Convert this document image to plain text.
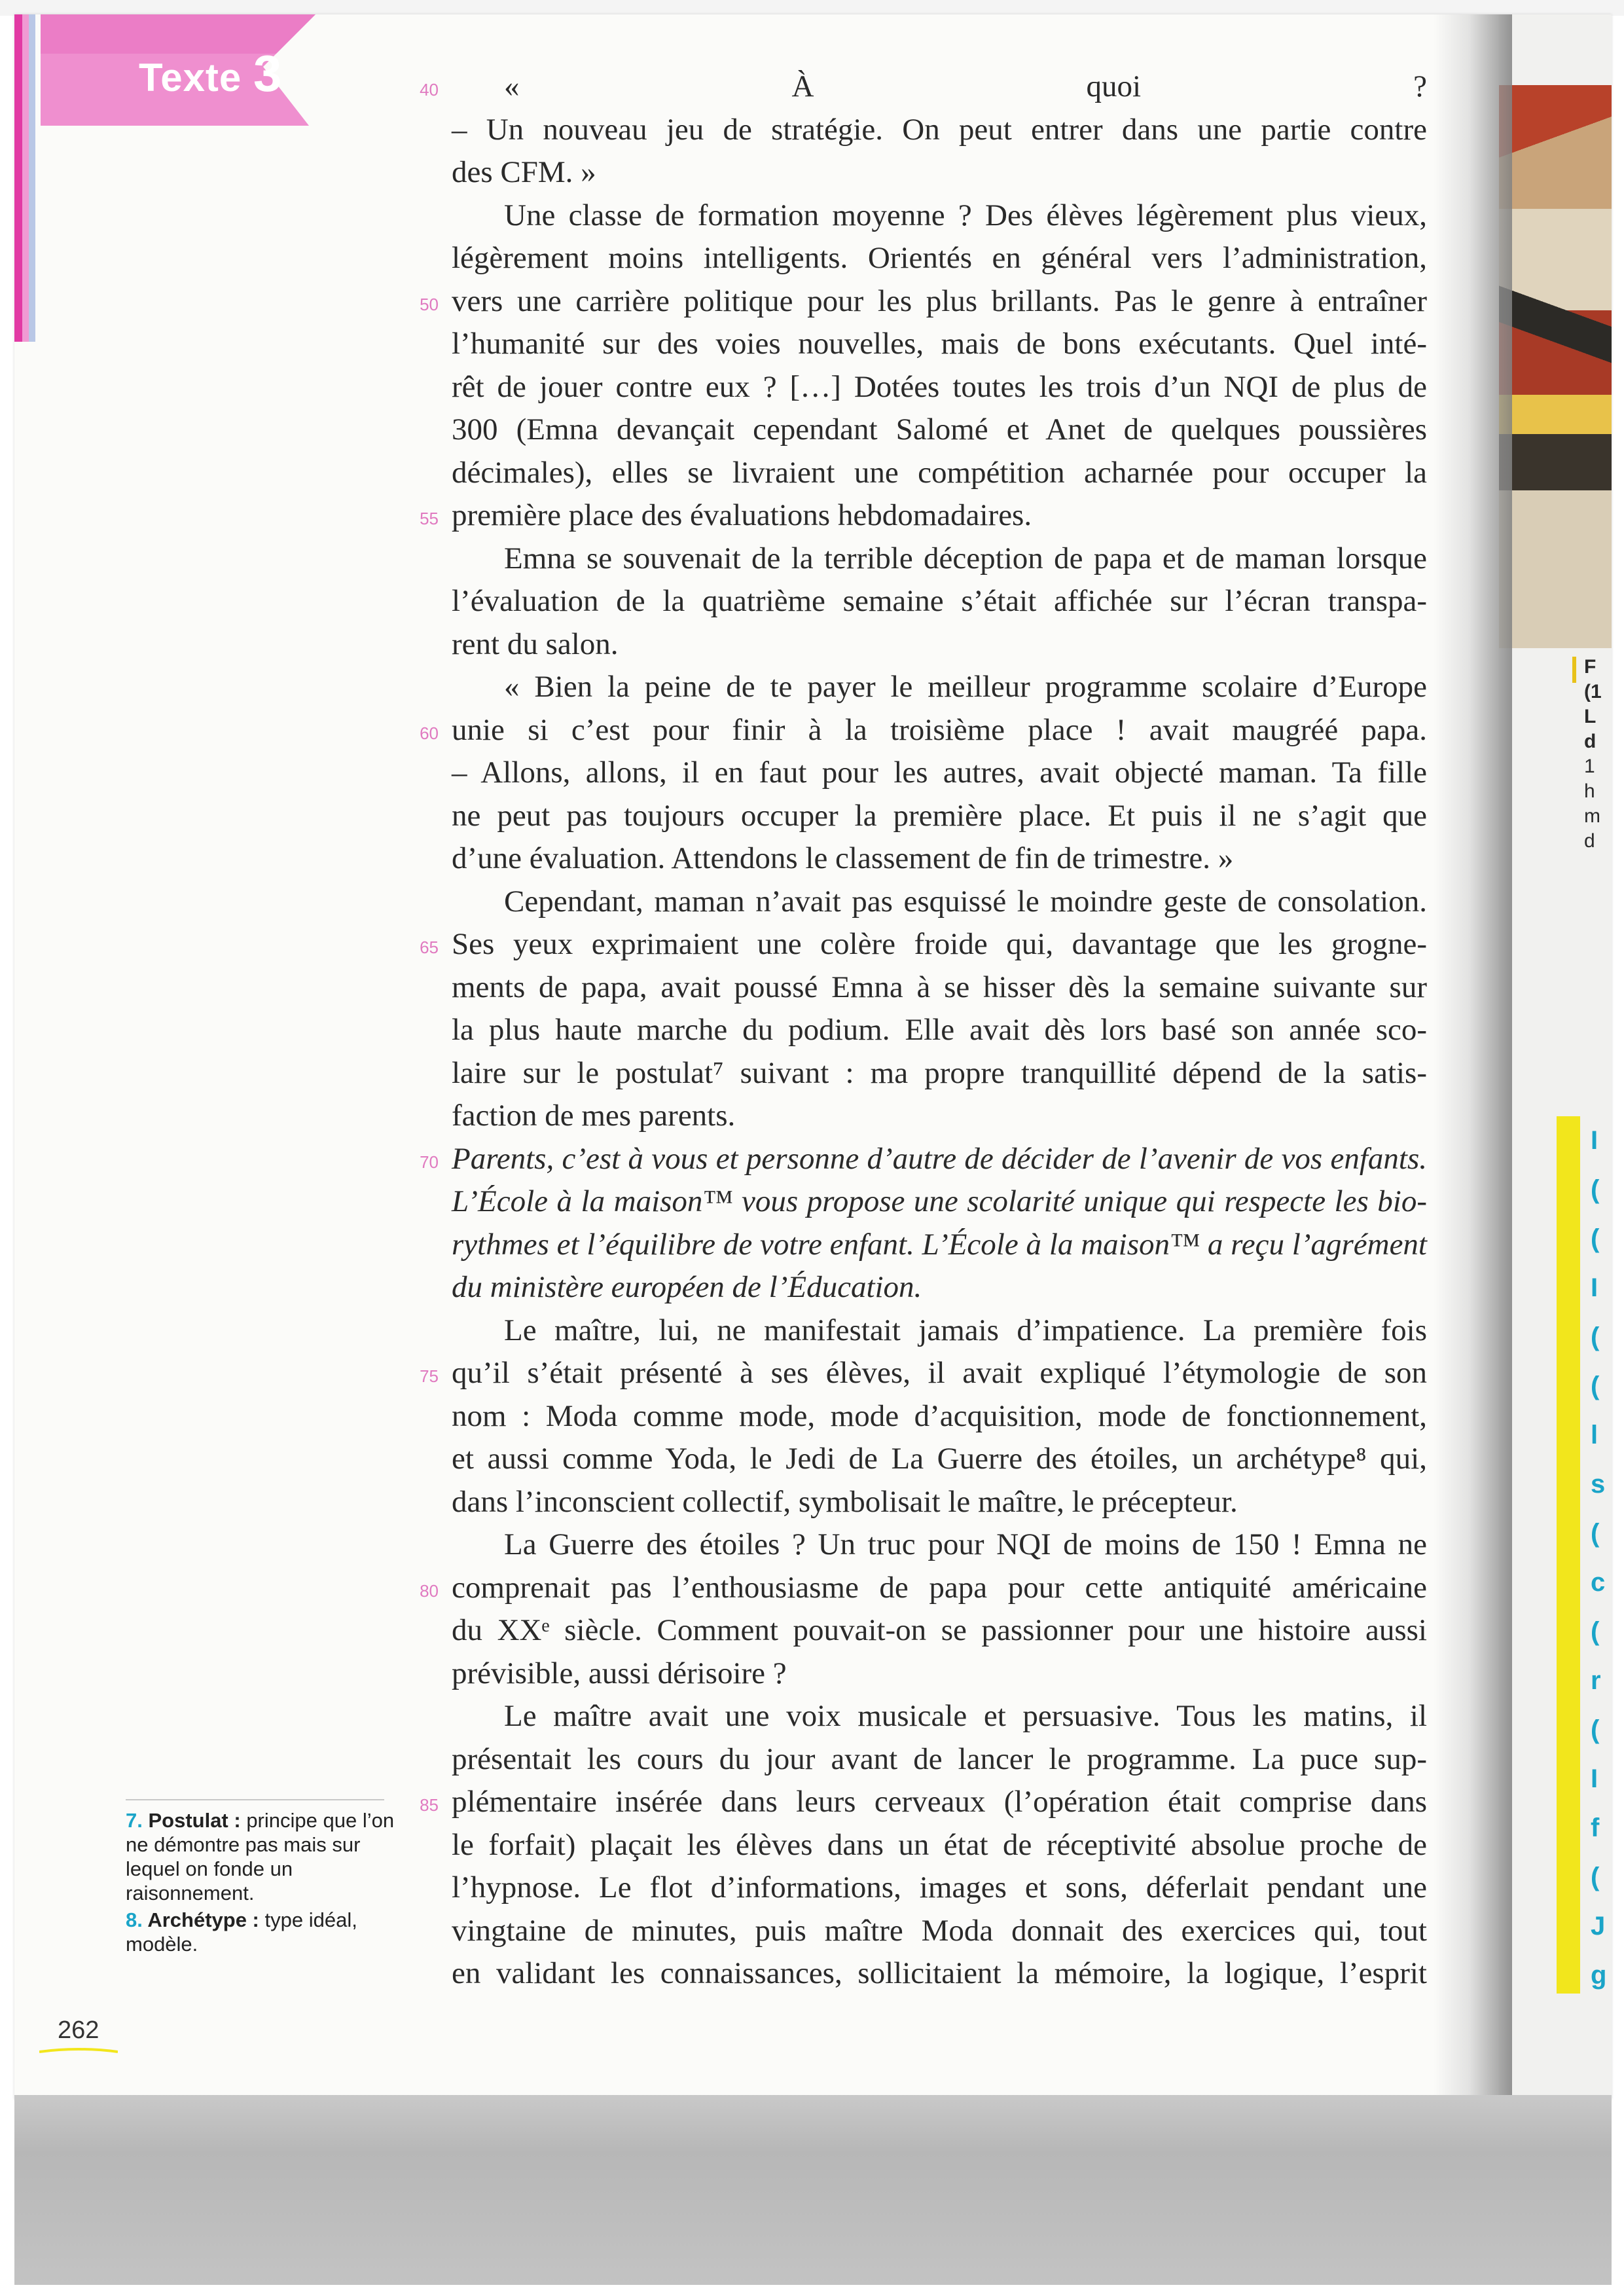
F
(1
L
d
1
h
m
d
I
(
(
I
(
(
l
s
(
c
(
r
(
I
f
(
J
g
Texte 3	« À quoi ?
– Un nouveau jeu de stratégie. On peut entrer dans une partie contre
des CFM. »
Une classe de formation moyenne ? Des élèves légèrement plus vieux,
légèrement moins intelligents. Orientés en général vers l’administration,
vers une carrière politique pour les plus brillants. Pas le genre à entraîner
l’humanité sur des voies nouvelles, mais de bons exécutants. Quel inté-
rêt de jouer contre eux ? […] Dotées toutes les trois d’un NQI de plus de
300 (Emna devançait cependant Salomé et Anet de quelques poussières
décimales), elles se livraient une compétition acharnée pour occuper la
première place des évaluations hebdomadaires.
Emna se souvenait de la terrible déception de papa et de maman lorsque
l’évaluation de la quatrième semaine s’était affichée sur l’écran transpa-
rent du salon.
« Bien la peine de te payer le meilleur programme scolaire d’Europe
unie si c’est pour finir à la troisième place ! avait maugréé papa.
– Allons, allons, il en faut pour les autres, avait objecté maman. Ta fille
ne peut pas toujours occuper la première place. Et puis il ne s’agit que
d’une évaluation. Attendons le classement de fin de trimestre. »
Cependant, maman n’avait pas esquissé le moindre geste de consolation.
Ses yeux exprimaient une colère froide qui, davantage que les grogne-
ments de papa, avait poussé Emna à se hisser dès la semaine suivante sur
la plus haute marche du podium. Elle avait dès lors basé son année sco-
laire sur le postulat⁷ suivant : ma propre tranquillité dépend de la satis-
faction de mes parents.
Parents, c’est à vous et personne d’autre de décider de l’avenir de vos enfants.
L’École à la maison™ vous propose une scolarité unique qui respecte les bio-
rythmes et l’équilibre de votre enfant. L’École à la maison™ a reçu l’agrément
du ministère européen de l’Éducation.
Le maître, lui, ne manifestait jamais d’impatience. La première fois
qu’il s’était présenté à ses élèves, il avait expliqué l’étymologie de son
nom : Moda comme mode, mode d’acquisition, mode de fonctionnement,
et aussi comme Yoda, le Jedi de La Guerre des étoiles, un archétype⁸ qui,
dans l’inconscient collectif, symbolisait le maître, le précepteur.
La Guerre des étoiles ? Un truc pour NQI de moins de 150 ! Emna ne
comprenait pas l’enthousiasme de papa pour cette antiquité américaine
du XXᵉ siècle. Comment pouvait-on se passionner pour une histoire aussi
prévisible, aussi dérisoire ?
Le maître avait une voix musicale et persuasive. Tous les matins, il
présentait les cours du jour avant de lancer le programme. La puce sup-
plémentaire insérée dans leurs cerveaux (l’opération était comprise dans
le forfait) plaçait les élèves dans un état de réceptivité absolue proche de
l’hypnose. Le flot d’informations, images et sons, déferlait pendant une
vingtaine de minutes, puis maître Moda donnait des exercices qui, tout
en validant les connaissances, sollicitaient la mémoire, la logique, l’esprit
40
50
55
60
65
70
75
80
85

7. Postulat : principe que l’on ne démontre pas mais sur lequel on fonde un raisonnement.

8. Archétype : type idéal, modèle.

262
